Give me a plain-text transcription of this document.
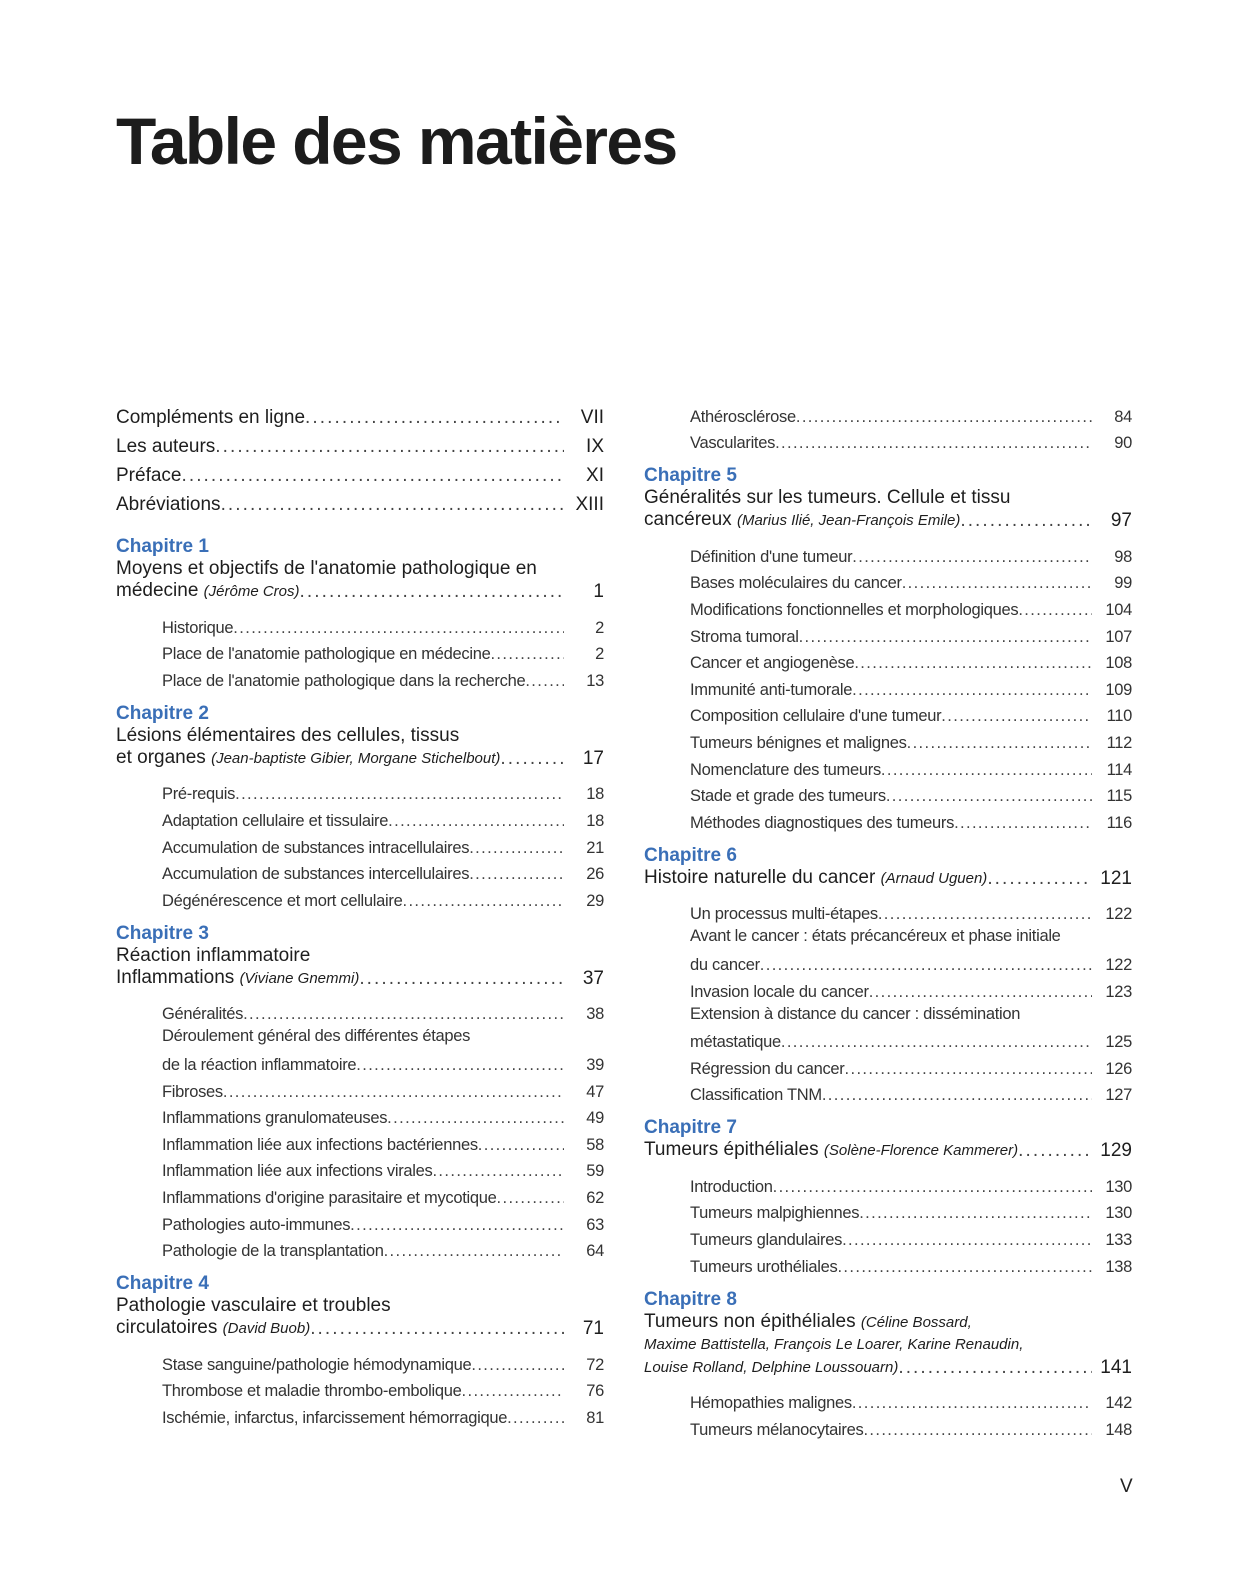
Table des matières
Compléments en ligne . . .	VII
Les auteurs . . .	IX
Préface . . .	XI
Abréviations . . .	XIII
Chapitre 1
Moyens et objectifs de l'anatomie pathologique en
médecine (Jérôme Cros) . . .	1
Historique . . .	2
Place de l'anatomie pathologique en médecine . . .	2
Place de l'anatomie pathologique dans la recherche . . .	13
Chapitre 2
Lésions élémentaires des cellules, tissus
et organes (Jean-baptiste Gibier, Morgane Stichelbout) . . .	17
Pré-requis . . .	18
Adaptation cellulaire et tissulaire . . .	18
Accumulation de substances intracellulaires . . .	21
Accumulation de substances intercellulaires . . .	26
Dégénérescence et mort cellulaire . . .	29
Chapitre 3
Réaction inflammatoire
Inflammations (Viviane Gnemmi) . . .	37
Généralités . . .	38
Déroulement général des différentes étapes
de la réaction inflammatoire . . .	39
Fibroses . . .	47
Inflammations granulomateuses . . .	49
Inflammation liée aux infections bactériennes . . .	58
Inflammation liée aux infections virales . . .	59
Inflammations d'origine parasitaire et mycotique . . .	62
Pathologies auto-immunes . . .	63
Pathologie de la transplantation . . .	64
Chapitre 4
Pathologie vasculaire et troubles
circulatoires (David Buob) . . .	71
Stase sanguine/pathologie hémodynamique . . .	72
Thrombose et maladie thrombo-embolique . . .	76
Ischémie, infarctus, infarcissement hémorragique . . .	81
Athérosclérose . . .	84
Vascularites . . .	90
Chapitre 5
Généralités sur les tumeurs. Cellule et tissu
cancéreux (Marius Ilié, Jean-François Emile) . . .	97
Définition d'une tumeur . . .	98
Bases moléculaires du cancer . . .	99
Modifications fonctionnelles et morphologiques . . .	104
Stroma tumoral . . .	107
Cancer et angiogenèse . . .	108
Immunité anti-tumorale . . .	109
Composition cellulaire d'une tumeur . . .	110
Tumeurs bénignes et malignes . . .	112
Nomenclature des tumeurs . . .	114
Stade et grade des tumeurs . . .	115
Méthodes diagnostiques des tumeurs . . .	116
Chapitre 6
Histoire naturelle du cancer (Arnaud Uguen) . . .	121
Un processus multi-étapes . . .	122
Avant le cancer : états précancéreux et phase initiale
du cancer . . .	122
Invasion locale du cancer . . .	123
Extension à distance du cancer : dissémination
métastatique . . .	125
Régression du cancer . . .	126
Classification TNM . . .	127
Chapitre 7
Tumeurs épithéliales (Solène-Florence Kammerer) . . .	129
Introduction . . .	130
Tumeurs malpighiennes . . .	130
Tumeurs glandulaires . . .	133
Tumeurs urothéliales . . .	138
Chapitre 8
Tumeurs non épithéliales (Céline Bossard,
Maxime Battistella, François Le Loarer, Karine Renaudin,
Louise Rolland, Delphine Loussouarn) . . .	141
Hémopathies malignes . . .	142
Tumeurs mélanocytaires . . .	148
V
